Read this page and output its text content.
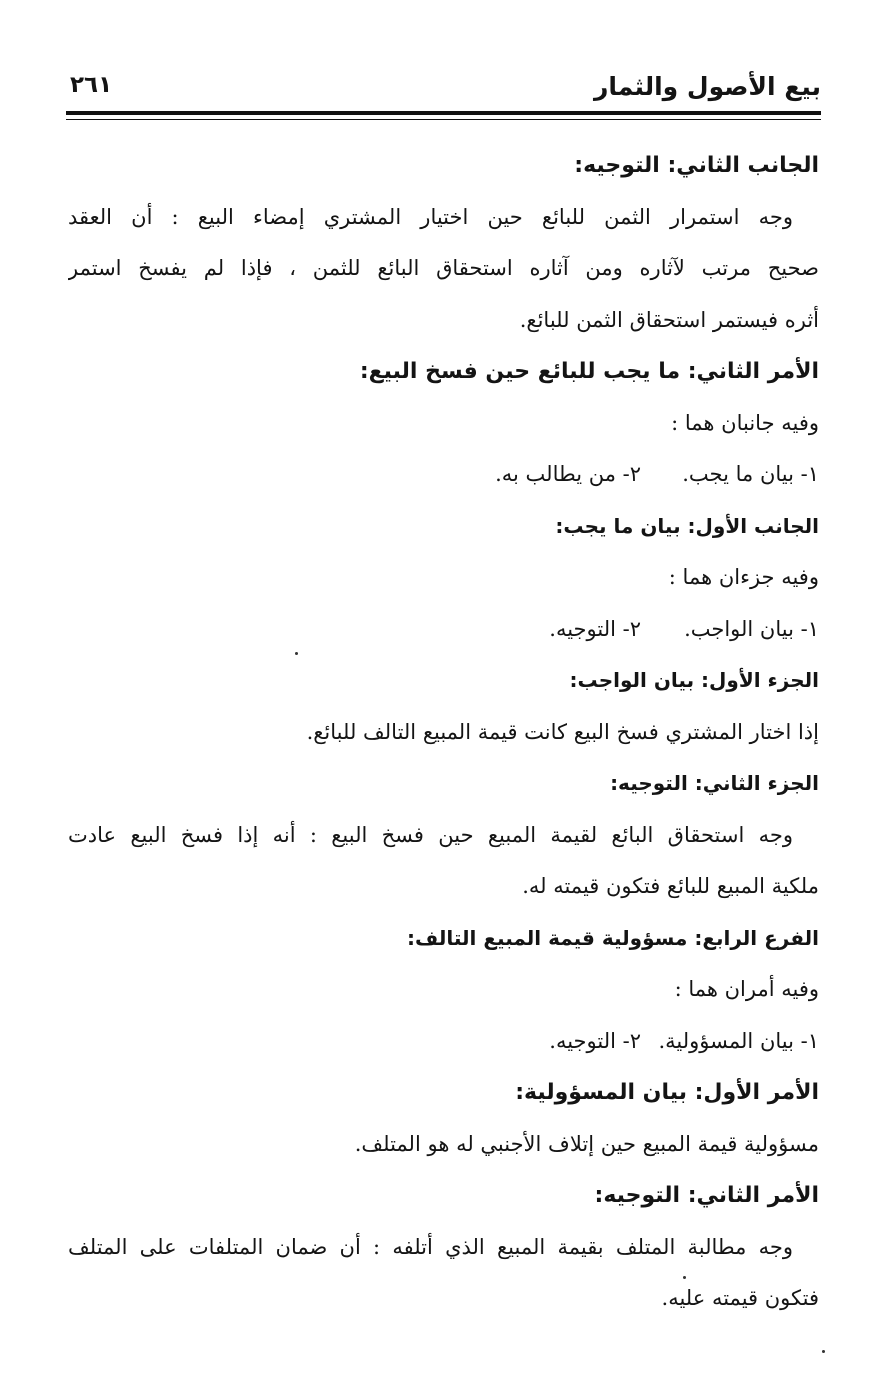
بيع الأصول والثمار
٢٦١
الجانب الثاني: التوجيه:
وجه استمرار الثمن للبائع حين اختيار المشتري إمضاء البيع : أن العقد
صحيح مرتب لآثاره ومن آثاره استحقاق البائع للثمن ، فإذا لم يفسخ استمر
أثره فيستمر استحقاق الثمن للبائع.
الأمر الثاني: ما يجب للبائع حين فسخ البيع:
وفيه جانبان هما :
١- بيان ما يجب.
٢- من يطالب به.
الجانب الأول: بيان ما يجب:
وفيه جزءان هما :
١- بيان الواجب.
٢- التوجيه.
الجزء الأول: بيان الواجب:
إذا اختار المشتري فسخ البيع كانت قيمة المبيع التالف للبائع.
الجزء الثاني: التوجيه:
وجه استحقاق البائع لقيمة المبيع حين فسخ البيع : أنه إذا فسخ البيع عادت
ملكية المبيع للبائع فتكون قيمته له.
الفرع الرابع: مسؤولية قيمة المبيع التالف:
وفيه أمران هما :
١- بيان المسؤولية.
٢- التوجيه.
الأمر الأول: بيان المسؤولية:
مسؤولية قيمة المبيع حين إتلاف الأجنبي له هو المتلف.
الأمر الثاني: التوجيه:
وجه مطالبة المتلف بقيمة المبيع الذي أتلفه : أن ضمان المتلفات على المتلف
فتكون قيمته عليه.
